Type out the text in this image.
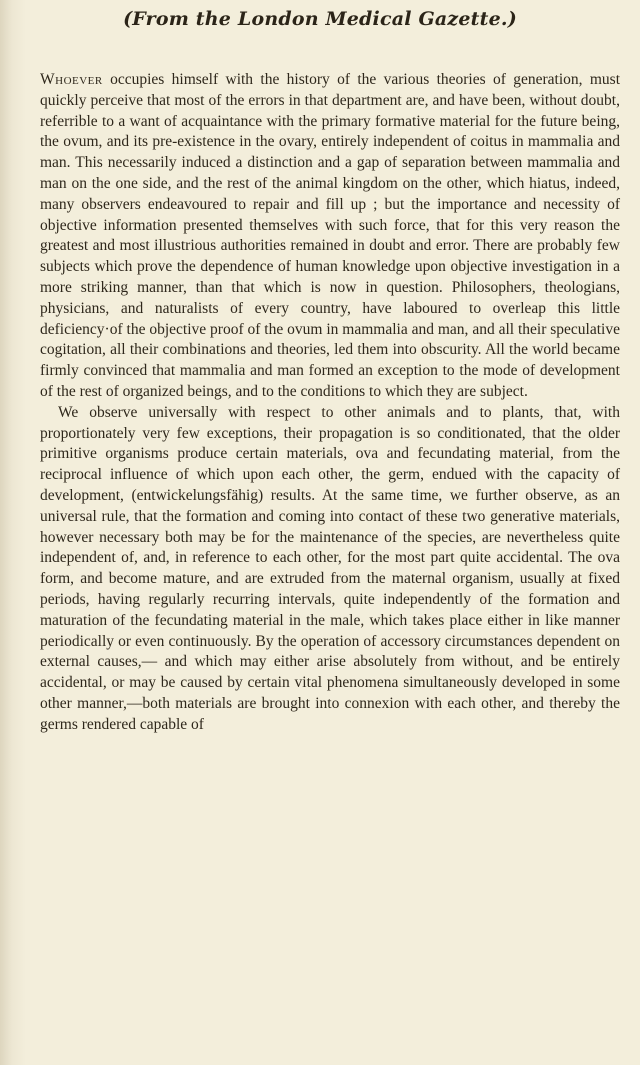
(From the London Medical Gazette.)

Whoever occupies himself with the history of the various theories of generation, must quickly perceive that most of the errors in that department are, and have been, without doubt, referrible to a want of acquaintance with the primary formative material for the future being, the ovum, and its pre-existence in the ovary, entirely independent of coitus in mammalia and man. This necessarily induced a distinction and a gap of separation between mammalia and man on the one side, and the rest of the animal kingdom on the other, which hiatus, indeed, many observers endeavoured to repair and fill up ; but the importance and necessity of objective information presented themselves with such force, that for this very reason the greatest and most illustrious authorities remained in doubt and error. There are probably few subjects which prove the dependence of human knowledge upon objective investigation in a more striking manner, than that which is now in question. Philosophers, theologians, physicians, and naturalists of every country, have laboured to overleap this little deficiency·of the objective proof of the ovum in mammalia and man, and all their speculative cogitation, all their combinations and theories, led them into obscurity. All the world became firmly convinced that mammalia and man formed an exception to the mode of development of the rest of organized beings, and to the conditions to which they are subject.

We observe universally with respect to other animals and to plants, that, with proportionately very few exceptions, their propagation is so conditionated, that the older primitive organisms produce certain materials, ova and fecundating material, from the reciprocal influence of which upon each other, the germ, endued with the capacity of development, (entwickelungsfähig) results. At the same time, we further observe, as an universal rule, that the formation and coming into contact of these two generative materials, however necessary both may be for the maintenance of the species, are nevertheless quite independent of, and, in reference to each other, for the most part quite accidental. The ova form, and become mature, and are extruded from the maternal organism, usually at fixed periods, having regularly recurring intervals, quite independently of the formation and maturation of the fecundating material in the male, which takes place either in like manner periodically or even continuously. By the operation of accessory circumstances dependent on external causes,— and which may either arise absolutely from without, and be entirely accidental, or may be caused by certain vital phenomena simultaneously developed in some other manner,—both materials are brought into connexion with each other, and thereby the germs rendered capable of
